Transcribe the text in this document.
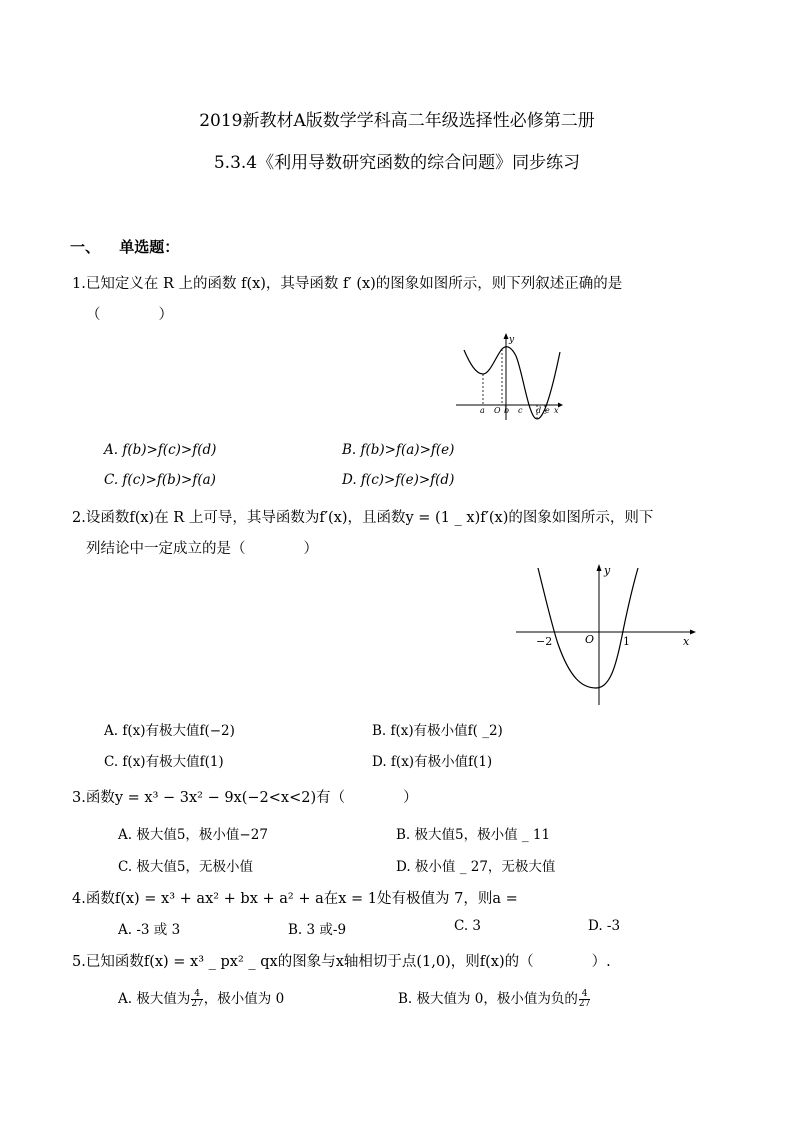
2019新教材A版数学学科高二年级选择性必修第二册
5.3.4《利用导数研究函数的综合问题》同步练习
一、 单选题：
1.已知定义在 R 上的函数 f(x)，其导函数 f′ (x)的图象如图所示，则下列叙述正确的是
（　　　　）
y
a O b c d e x
A. f(b)>f(c)>f(d)	B. f(b)>f(a)>f(e)
C. f(c)>f(b)>f(a)	D. f(c)>f(e)>f(d)
2.设函数f(x)在 R 上可导，其导函数为f′(x)，且函数y = (1 _ x)f′(x)的图象如图所示，则下
列结论中一定成立的是（　　　　）
y
−2	O	1	x
A. f(x)有极大值f(−2)	B. f(x)有极小值f( _2)
C. f(x)有极大值f(1)	D. f(x)有极小值f(1)
3.函数y = x³ − 3x² − 9x(−2<x<2)有（　　　　）
A. 极大值5，极小值−27	B. 极大值5，极小值 _ 11
C. 极大值5，无极小值	D. 极小值 _ 27，无极大值
4.函数f(x) = x³ + ax² + bx + a² + a在x = 1处有极值为 7，则a =
A. -3 或 3	B. 3 或-9	C. 3	D. -3
5.已知函数f(x) = x³ _ px² _ qx的图象与x轴相切于点(1,0)，则f(x)的（　　　　）.
A. 极大值为 $\frac{4}{27}$ ，极小值为 0	B. 极大值为 0，极小值为负的 $\frac{4}{27}$
